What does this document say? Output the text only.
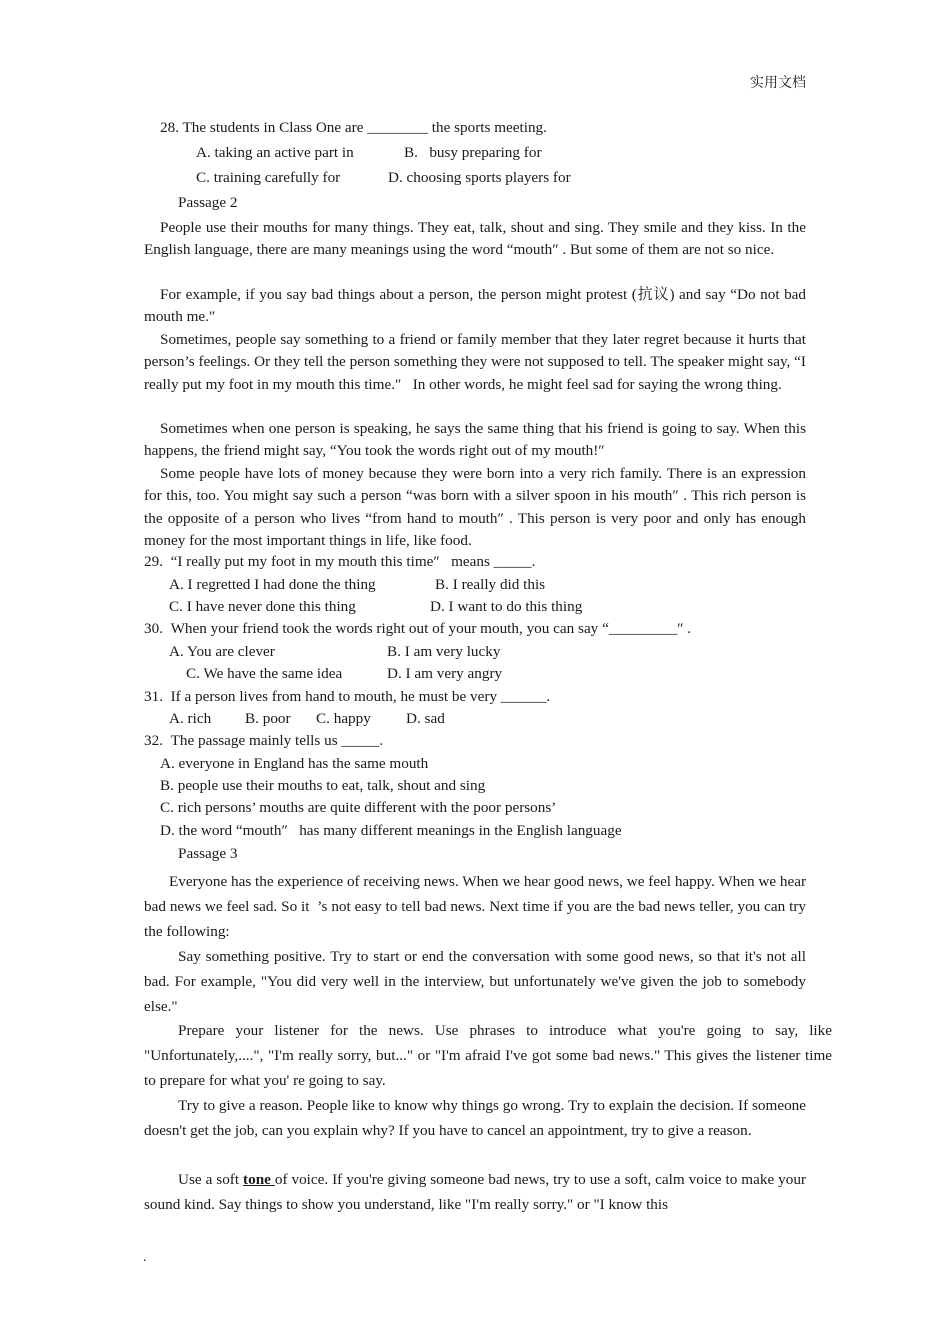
实用文档
28. The students in Class One are ________ the sports meeting.
A. taking an active part in	B.   busy preparing for
C. training carefully for	D. choosing sports players for
Passage 2
People use their mouths for many things. They eat, talk, shout and sing. They smile and they kiss. In the English language, there are many meanings using the word “mouth″ . But some of them are not so nice.
For example, if you say bad things about a person, the person might protest (抗议) and say “Do not bad mouth me.″
Sometimes, people say something to a friend or family member that they later regret because it hurts that person’s feelings. Or they tell the person something they were not supposed to tell. The speaker might say, “I really put my foot in my mouth this time.″   In other words, he might feel sad for saying the wrong thing.
Sometimes when one person is speaking, he says the same thing that his friend is going to say. When this happens, the friend might say, “You took the words right out of my mouth!″
Some people have lots of money because they were born into a very rich family. There is an expression for this, too. You might say such a person “was born with a silver spoon in his mouth″ . This rich person is the opposite of a person who lives “from hand to mouth″ . This person is very poor and only has enough money for the most important things in life, like food.
29.  “I really put my foot in my mouth this time″   means _____.
A. I regretted I had done the thing	B. I really did this
C. I have never done this thing	D. I want to do this thing
30.  When your friend took the words right out of your mouth, you can say “_________″ .
A. You are clever	B. I am very lucky
C. We have the same idea	D. I am very angry
31.  If a person lives from hand to mouth, he must be very ______.
A. rich B. poor C. happy D. sad
32.  The passage mainly tells us _____.
A. everyone in England has the same mouth
B. people use their mouths to eat, talk, shout and sing
C. rich persons’ mouths are quite different with the poor persons’
D. the word “mouth″   has many different meanings in the English language
Passage 3
Everyone has the experience of receiving news. When we hear good news, we feel happy. When we hear bad news we feel sad. So it  ’s not easy to tell bad news. Next time if you are the bad news teller, you can try the following:
Say something positive. Try to start or end the conversation with some good news, so that it's not all bad. For example, "You did very well in the interview, but unfortunately we've given the job to somebody else."
Prepare your listener for the news. Use phrases to introduce what you're going to say, like "Unfortunately,....", "I'm really sorry, but..." or "I'm afraid I've got some bad news." This gives the listener time to prepare for what you' re going to say.
Try to give a reason. People like to know why things go wrong. Try to explain the decision. If someone doesn't get the job, can you explain why? If you have to cancel an appointment, try to give a reason.
Use a soft tone of voice. If you're giving someone bad news, try to use a soft, calm voice to make your sound kind. Say things to show you understand, like "I'm really sorry." or "I know this
.
